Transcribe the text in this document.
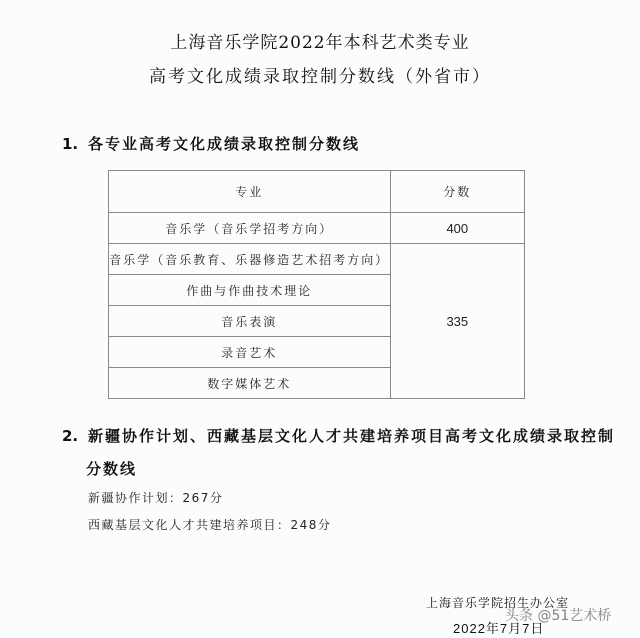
上海音乐学院2022年本科艺术类专业
高考文化成绩录取控制分数线（外省市）
1. 各专业高考文化成绩录取控制分数线
专业	分数
音乐学（音乐学招考方向）	400
音乐学（音乐教育、乐器修造艺术招考方向）	335
作曲与作曲技术理论	
音乐表演	
录音艺术	
数字媒体艺术	
2. 新疆协作计划、西藏基层文化人才共建培养项目高考文化成绩录取控制
分数线
新疆协作计划：267分
西藏基层文化人才共建培养项目：248分
上海音乐学院招生办公室
2022年7月7日
头条 @51艺术桥
